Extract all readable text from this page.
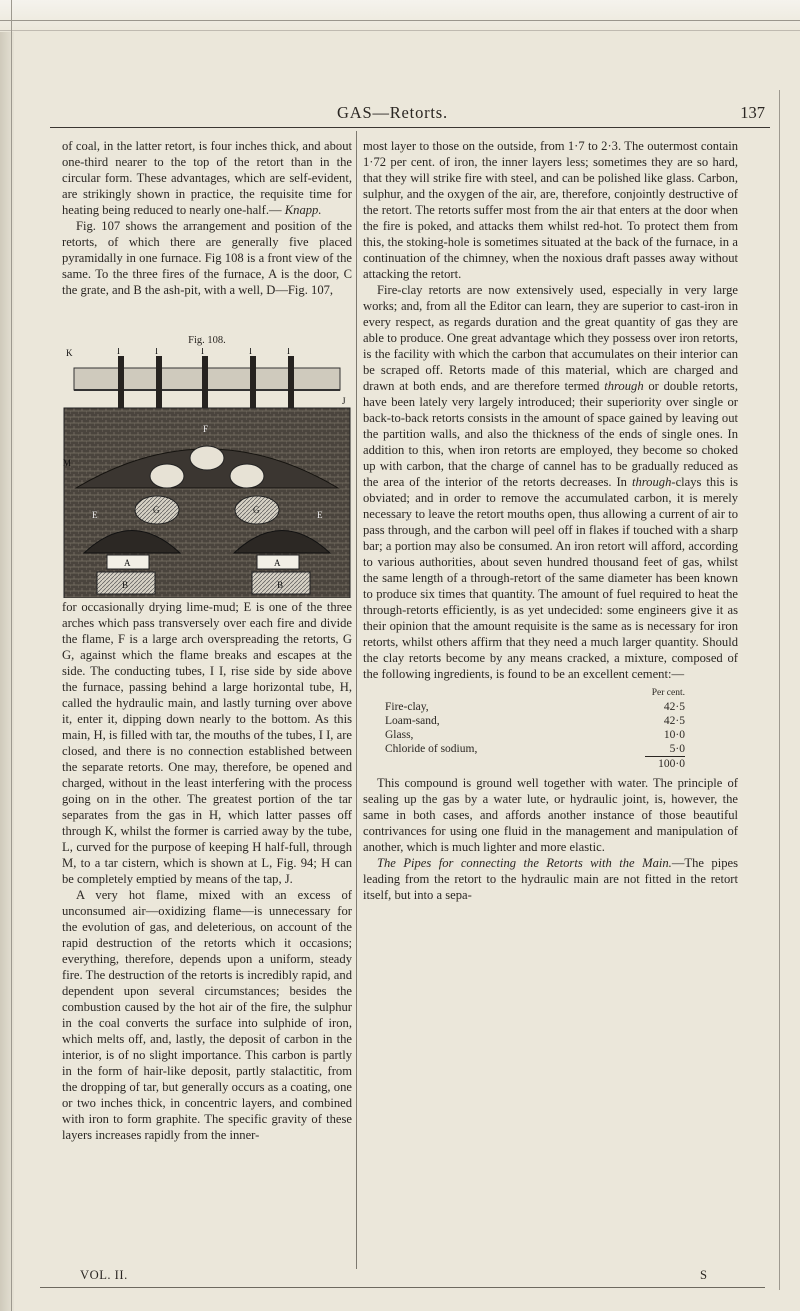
GAS—Retorts.	137

of coal, in the latter retort, is four inches thick, and about one-third nearer to the top of the retort than in the circular form. These advantages, which are self-evident, are strikingly shown in practice, the requisite time for heating being reduced to nearly one-half.— Knapp.

Fig. 107 shows the arrangement and position of the retorts, of which there are generally five placed pyramidally in one furnace. Fig 108 is a front view of the same. To the three fires of the furnace, A is the door, C the grate, and B the ash-pit, with a well, D—Fig. 107,

Fig. 108.
K	I	I	I	I	I
J
M
E	E
G	G
A	A
B	B
F

for occasionally drying lime-mud; E is one of the three arches which pass transversely over each fire and divide the flame, F is a large arch overspreading the retorts, G G, against which the flame breaks and escapes at the side. The conducting tubes, I I, rise side by side above the furnace, passing behind a large horizontal tube, H, called the hydraulic main, and lastly turning over above it, enter it, dipping down nearly to the bottom. As this main, H, is filled with tar, the mouths of the tubes, I I, are closed, and there is no connection established between the separate retorts. One may, therefore, be opened and charged, without in the least interfering with the process going on in the other. The greatest portion of the tar separates from the gas in H, which latter passes off through K, whilst the former is carried away by the tube, L, curved for the purpose of keeping H half-full, through M, to a tar cistern, which is shown at L, Fig. 94; H can be completely emptied by means of the tap, J.

A very hot flame, mixed with an excess of unconsumed air—oxidizing flame—is unnecessary for the evolution of gas, and deleterious, on account of the rapid destruction of the retorts which it occasions; everything, therefore, depends upon a uniform, steady fire. The destruction of the retorts is incredibly rapid, and dependent upon several circumstances; besides the combustion caused by the hot air of the fire, the sulphur in the coal converts the surface into sulphide of iron, which melts off, and, lastly, the deposit of carbon in the interior, is of no slight importance. This carbon is partly in the form of hair-like deposit, partly stalactitic, from the dropping of tar, but generally occurs as a coating, one or two inches thick, in concentric layers, and combined with iron to form graphite. The specific gravity of these layers increases rapidly from the inner-

most layer to those on the outside, from 1·7 to 2·3. The outermost contain 1·72 per cent. of iron, the inner layers less; sometimes they are so hard, that they will strike fire with steel, and can be polished like glass. Carbon, sulphur, and the oxygen of the air, are, therefore, conjointly destructive of the retort. The retorts suffer most from the air that enters at the door when the fire is poked, and attacks them whilst red-hot. To protect them from this, the stoking-hole is sometimes situated at the back of the furnace, in a continuation of the chimney, when the noxious draft passes away without attacking the retort.

Fire-clay retorts are now extensively used, especially in very large works; and, from all the Editor can learn, they are superior to cast-iron in every respect, as regards duration and the great quantity of gas they are able to produce. One great advantage which they possess over iron retorts, is the facility with which the carbon that accumulates on their interior can be scraped off. Retorts made of this material, which are charged and drawn at both ends, and are therefore termed through or double retorts, have been lately very largely introduced; their superiority over single or back-to-back retorts consists in the amount of space gained by leaving out the partition walls, and also the thickness of the ends of single ones. In addition to this, when iron retorts are employed, they become so choked up with carbon, that the charge of cannel has to be gradually reduced as the area of the interior of the retorts decreases. In through-clays this is obviated; and in order to remove the accumulated carbon, it is merely necessary to leave the retort mouths open, thus allowing a current of air to pass through, and the carbon will peel off in flakes if touched with a sharp bar; a portion may also be consumed. An iron retort will afford, according to various authorities, about seven hundred thousand feet of gas, whilst the same length of a through-retort of the same diameter has been known to produce six times that quantity. The amount of fuel required to heat the through-retorts efficiently, is as yet undecided: some engineers give it as their opinion that the amount requisite is the same as is necessary for iron retorts, whilst others affirm that they need a much larger quantity. Should the clay retorts become by any means cracked, a mixture, composed of the following ingredients, is found to be an excellent cement:—

	Per cent.
Fire-clay,	42·5
Loam-sand,	42·5
Glass,	10·0
Chloride of sodium,	5·0
	100·0

This compound is ground well together with water. The principle of sealing up the gas by a water lute, or hydraulic joint, is, however, the same in both cases, and affords another instance of those beautiful contrivances for using one fluid in the management and manipulation of another, which is much lighter and more elastic.

The Pipes for connecting the Retorts with the Main.—The pipes leading from the retort to the hydraulic main are not fitted in the retort itself, but into a sepa-

VOL. II.	S
